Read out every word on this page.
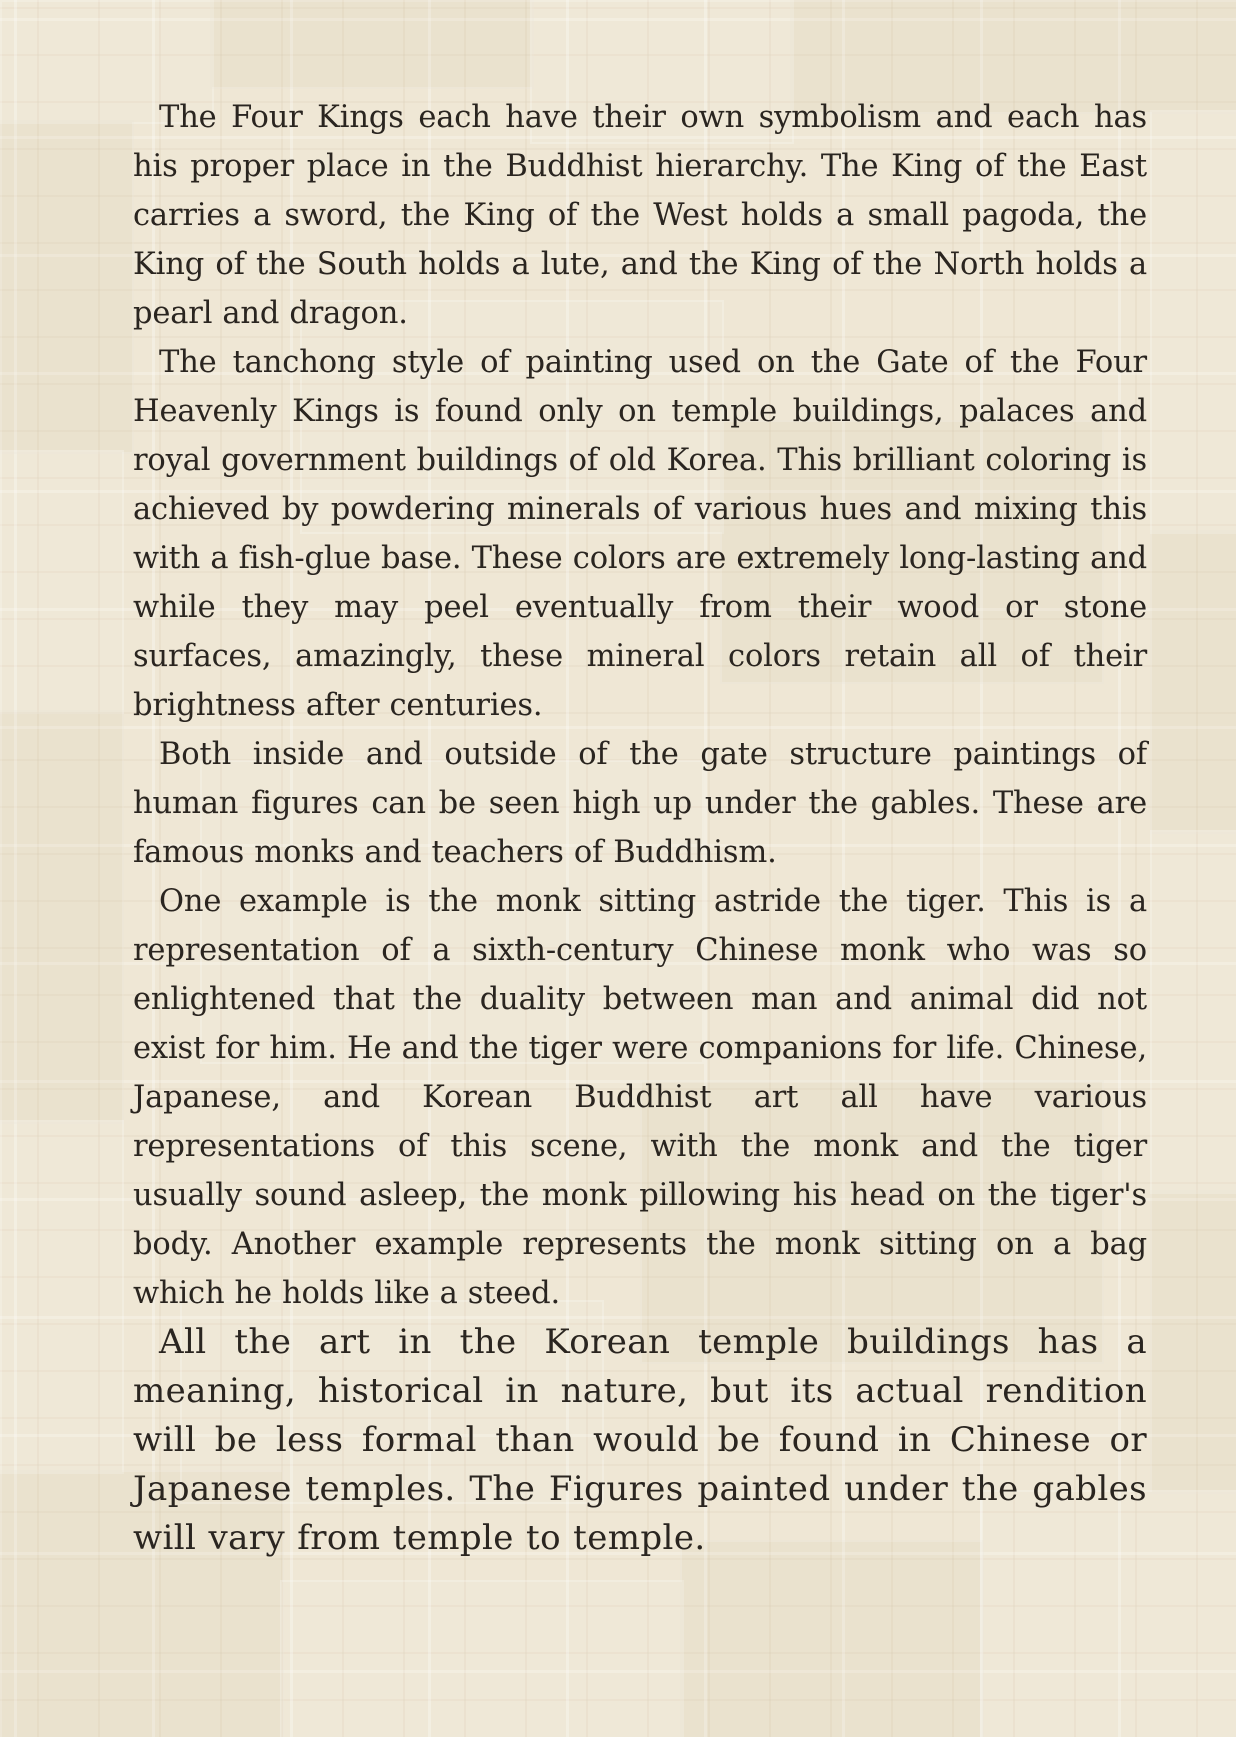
The Four Kings each have their own symbolism and each has his proper place in the Buddhist hierarchy. The King of the East carries a sword, the King of the West holds a small pagoda, the King of the South holds a lute, and the King of the North holds a pearl and dragon.

The tanchong style of painting used on the Gate of the Four Heavenly Kings is found only on temple buildings, palaces and royal government buildings of old Korea. This brilliant coloring is achieved by powdering minerals of various hues and mixing this with a fish-glue base. These colors are extremely long-lasting and while they may peel eventually from their wood or stone surfaces, amazingly, these mineral colors retain all of their brightness after centuries.

Both inside and outside of the gate structure paintings of human figures can be seen high up under the gables. These are famous monks and teachers of Buddhism.

One example is the monk sitting astride the tiger. This is a representation of a sixth-century Chinese monk who was so enlightened that the duality between man and animal did not exist for him. He and the tiger were companions for life. Chinese, Japanese, and Korean Buddhist art all have various representations of this scene, with the monk and the tiger usually sound asleep, the monk pillowing his head on the tiger's body. Another example represents the monk sitting on a bag which he holds like a steed.

All the art in the Korean temple buildings has a meaning, historical in nature, but its actual rendition will be less formal than would be found in Chinese or Japanese temples. The Figures painted under the gables will vary from temple to temple.
